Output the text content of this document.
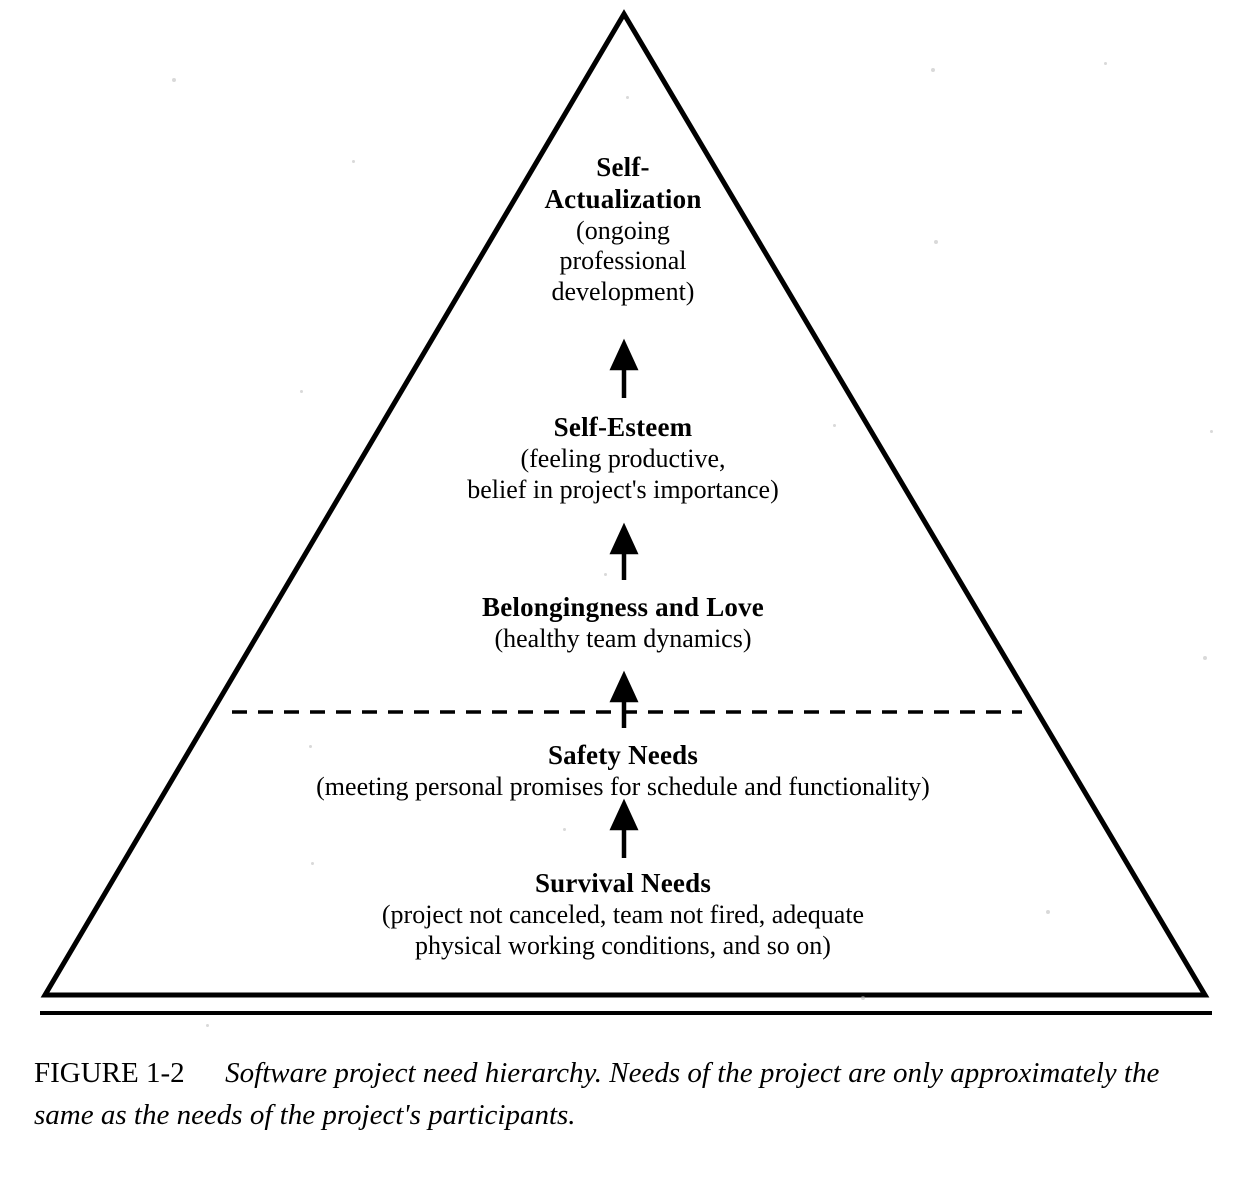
Self-
Actualization
(ongoing
professional
development)
Self-Esteem
(feeling productive,
belief in project's importance)
Belongingness and Love
(healthy team dynamics)
Safety Needs
(meeting personal promises for schedule and functionality)
Survival Needs
(project not canceled, team not fired, adequate
physical working conditions, and so on)
FIGURE 1-2 Software project need hierarchy. Needs of the project are only approximately the same as the needs of the project's participants.
